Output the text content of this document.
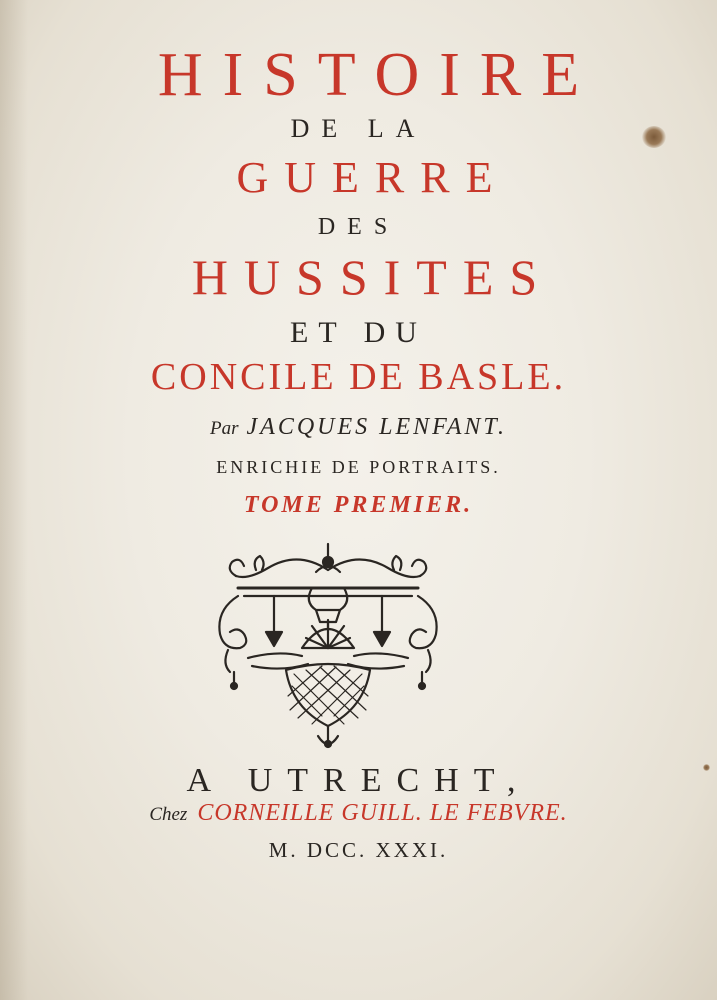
HISTOIRE
DE LA
GUERRE
DES
HUSSITES
ET DU
CONCILE DE BASLE.
Par JACQUES LENFANT.
ENRICHIE DE PORTRAITS.
TOME PREMIER.
A UTRECHT,
Chez CORNEILLE GUILL. LE FEBVRE.
M. DCC. XXXI.
